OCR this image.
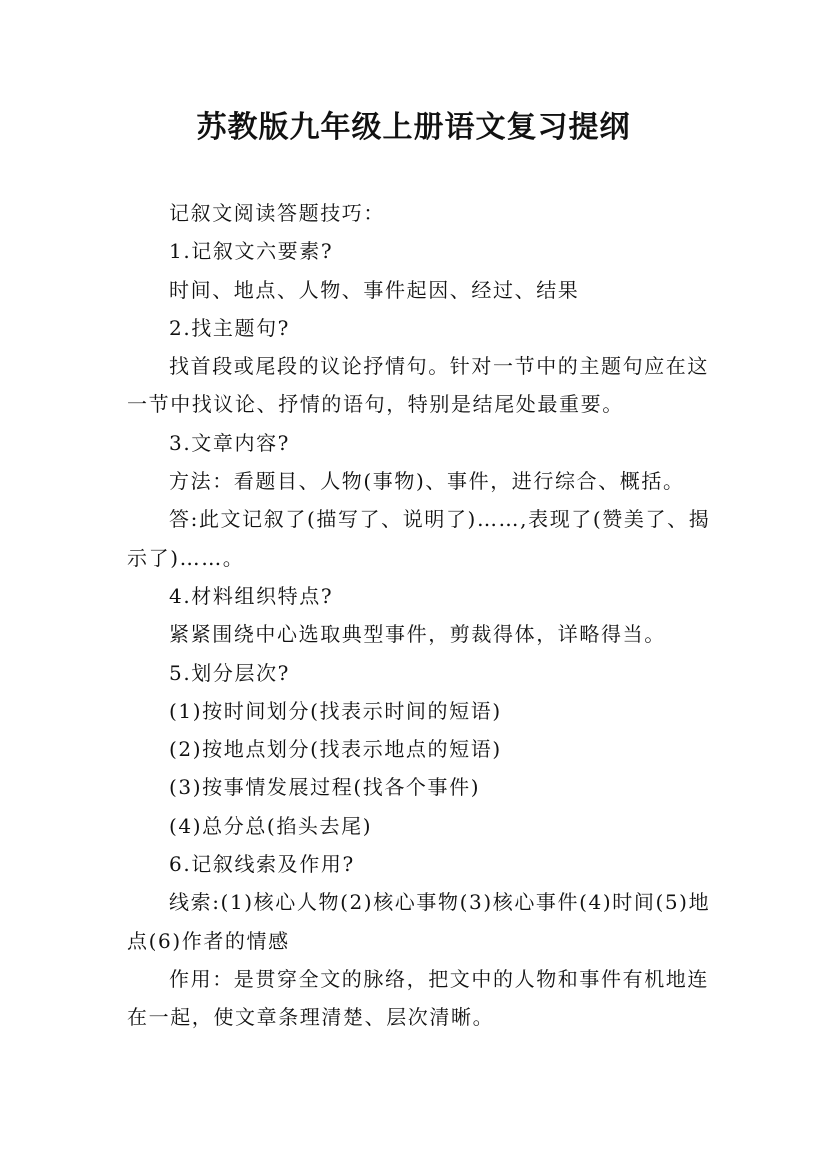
苏教版九年级上册语文复习提纲

记叙文阅读答题技巧：

1.记叙文六要素?

时间、地点、人物、事件起因、经过、结果

2.找主题句?

找首段或尾段的议论抒情句。针对一节中的主题句应在这一节中找议论、抒情的语句，特别是结尾处最重要。

3.文章内容?

方法：看题目、人物(事物)、事件，进行综合、概括。

答:此文记叙了(描写了、说明了)……,表现了(赞美了、揭示了)……。

4.材料组织特点?

紧紧围绕中心选取典型事件，剪裁得体，详略得当。

5.划分层次?

(1)按时间划分(找表示时间的短语)

(2)按地点划分(找表示地点的短语)

(3)按事情发展过程(找各个事件)

(4)总分总(掐头去尾)

6.记叙线索及作用?

线索:(1)核心人物(2)核心事物(3)核心事件(4)时间(5)地点(6)作者的情感

作用：是贯穿全文的脉络，把文中的人物和事件有机地连在一起，使文章条理清楚、层次清晰。
